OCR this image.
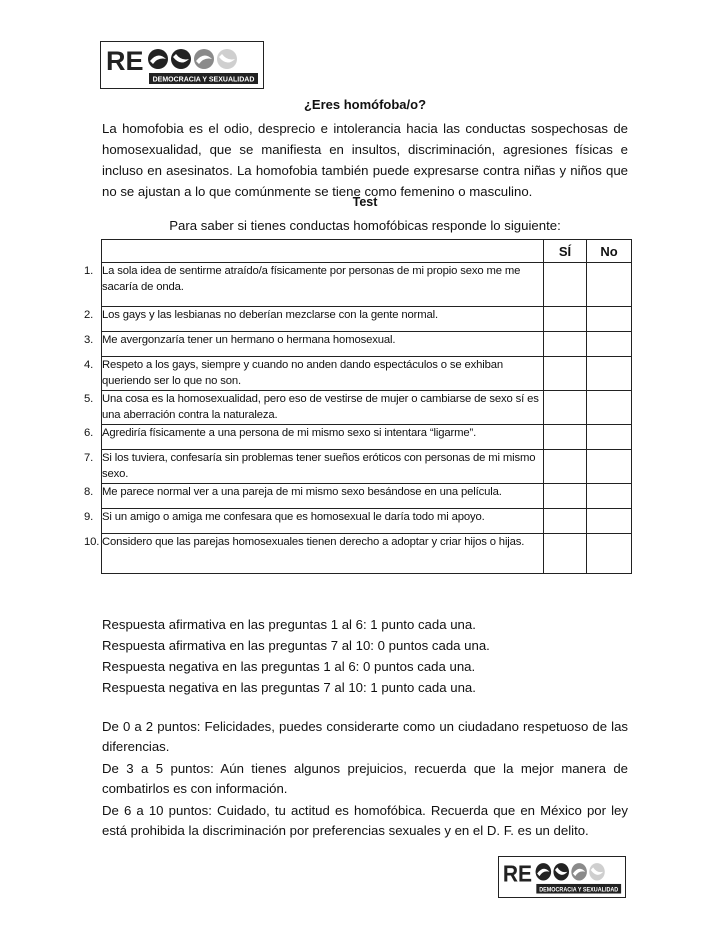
RE
DEMOCRACIA Y SEXUALIDAD
¿Eres homófoba/o?

La homofobia es el odio, desprecio e intolerancia hacia las conductas sospechosas de homosexualidad, que se manifiesta en insultos, discriminación, agresiones físicas e incluso en asesinatos. La homofobia también puede expresarse contra niñas y niños que no se ajustan a lo que comúnmente se tiene como femenino o masculino.

Test
Para saber si tienes conductas homofóbicas responde lo siguiente:
	SÍ	No
1. La sola idea de sentirme atraído/a físicamente por personas de mi propio sexo me me sacaría de onda.		
2. Los gays y las lesbianas no deberían mezclarse con la gente normal.		
3. Me avergonzaría tener un hermano o hermana homosexual.		
4. Respeto a los gays, siempre y cuando no anden dando espectáculos o se exhiban queriendo ser lo que no son.		
5. Una cosa es la homosexualidad, pero eso de vestirse de mujer o cambiarse de sexo sí es una aberración contra la naturaleza.		
6. Agrediría físicamente a una persona de mi mismo sexo si intentara “ligarme”.		
7. Si los tuviera, confesaría sin problemas tener sueños eróticos con personas de mi mismo sexo.		
8. Me parece normal ver a una pareja de mi mismo sexo besándose en una película.		
9. Si un amigo o amiga me confesara que es homosexual le daría todo mi apoyo.		
10. Considero que las parejas homosexuales tienen derecho a adoptar y criar hijos o hijas.		
Respuesta afirmativa en las preguntas 1 al 6: 1 punto cada una.
Respuesta afirmativa en las preguntas 7 al 10: 0 puntos cada una.
Respuesta negativa en las preguntas 1 al 6: 0 puntos cada una.
Respuesta negativa en las preguntas 7 al 10: 1 punto cada una.

De 0 a 2 puntos: Felicidades, puedes considerarte como un ciudadano respetuoso de las diferencias.

De 3 a 5 puntos: Aún tienes algunos prejuicios, recuerda que la mejor manera de combatirlos es con información.

De 6 a 10 puntos: Cuidado, tu actitud es homofóbica. Recuerda que en México por ley está prohibida la discriminación por preferencias sexuales y en el D. F. es un delito.

RE
DEMOCRACIA Y SEXUALIDAD
